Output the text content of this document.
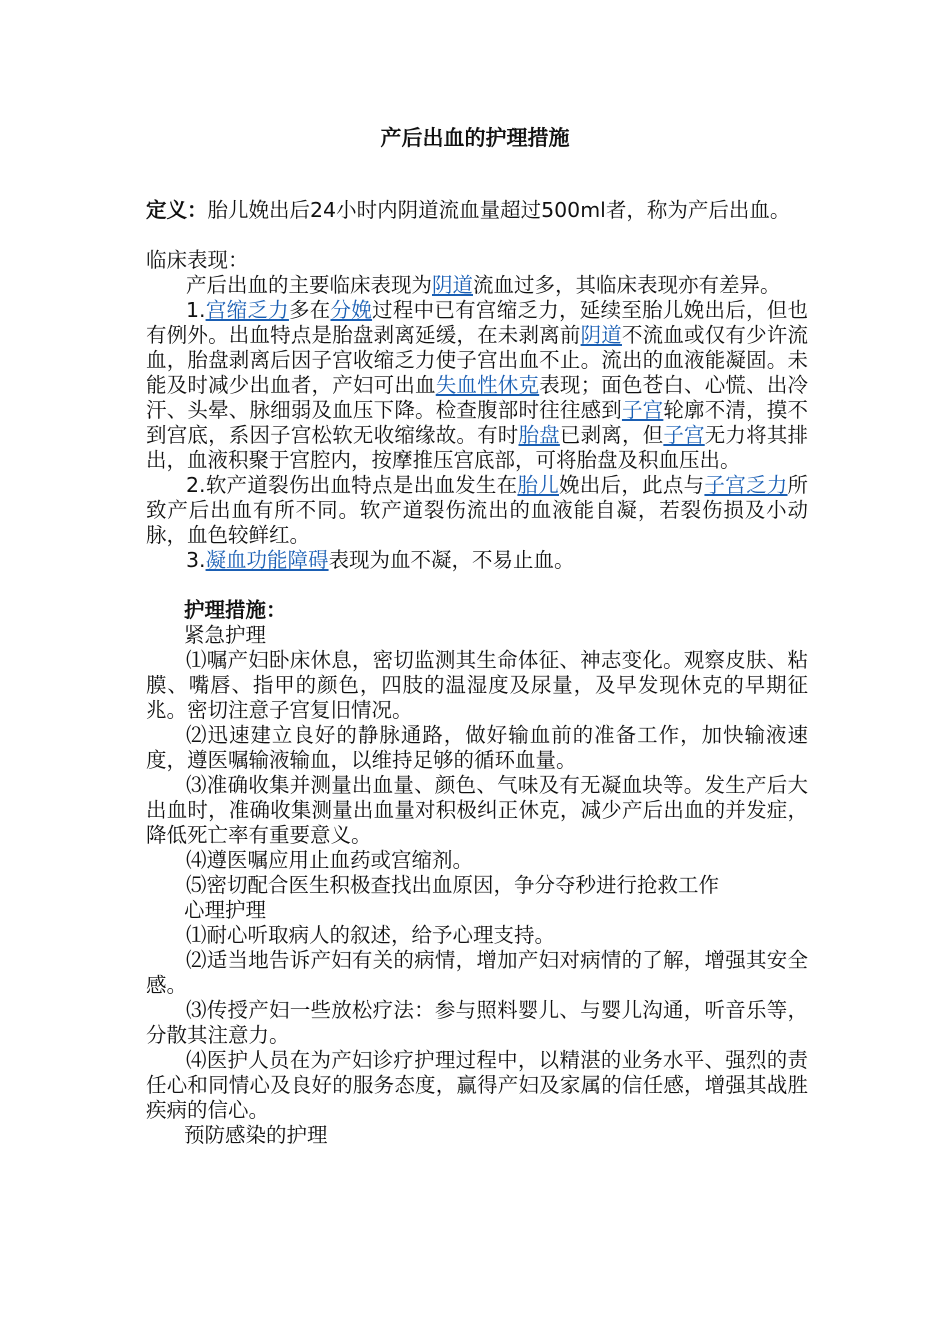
产后出血的护理措施

定义：胎儿娩出后24小时内阴道流血量超过500ml者，称为产后出血。

临床表现：

产后出血的主要临床表现为阴道流血过多，其临床表现亦有差异。

1.宫缩乏力多在分娩过程中已有宫缩乏力，延续至胎儿娩出后，但也有例外。出血特点是胎盘剥离延缓，在未剥离前阴道不流血或仅有少许流血，胎盘剥离后因子宫收缩乏力使子宫出血不止。流出的血液能凝固。未能及时减少出血者，产妇可出血失血性休克表现；面色苍白、心慌、出冷汗、头晕、脉细弱及血压下降。检查腹部时往往感到子宫轮廓不清，摸不到宫底，系因子宫松软无收缩缘故。有时胎盘已剥离，但子宫无力将其排出，血液积聚于宫腔内，按摩推压宫底部，可将胎盘及积血压出。

2.软产道裂伤出血特点是出血发生在胎儿娩出后，此点与子宫乏力所致产后出血有所不同。软产道裂伤流出的血液能自凝，若裂伤损及小动脉，血色较鲜红。

3.凝血功能障碍表现为血不凝，不易止血。

护理措施：

紧急护理

⑴嘱产妇卧床休息，密切监测其生命体征、神志变化。观察皮肤、粘膜、嘴唇、指甲的颜色，四肢的温湿度及尿量，及早发现休克的早期征兆。密切注意子宫复旧情况。

⑵迅速建立良好的静脉通路，做好输血前的准备工作，加快输液速度，遵医嘱输液输血，以维持足够的循环血量。

⑶准确收集并测量出血量、颜色、气味及有无凝血块等。发生产后大出血时，准确收集测量出血量对积极纠正休克，减少产后出血的并发症，降低死亡率有重要意义。

⑷遵医嘱应用止血药或宫缩剂。

⑸密切配合医生积极查找出血原因，争分夺秒进行抢救工作

心理护理

⑴耐心听取病人的叙述，给予心理支持。

⑵适当地告诉产妇有关的病情，增加产妇对病情的了解，增强其安全感。

⑶传授产妇一些放松疗法：参与照料婴儿、与婴儿沟通，听音乐等，分散其注意力。

⑷医护人员在为产妇诊疗护理过程中，以精湛的业务水平、强烈的责任心和同情心及良好的服务态度，赢得产妇及家属的信任感，增强其战胜疾病的信心。

预防感染的护理
